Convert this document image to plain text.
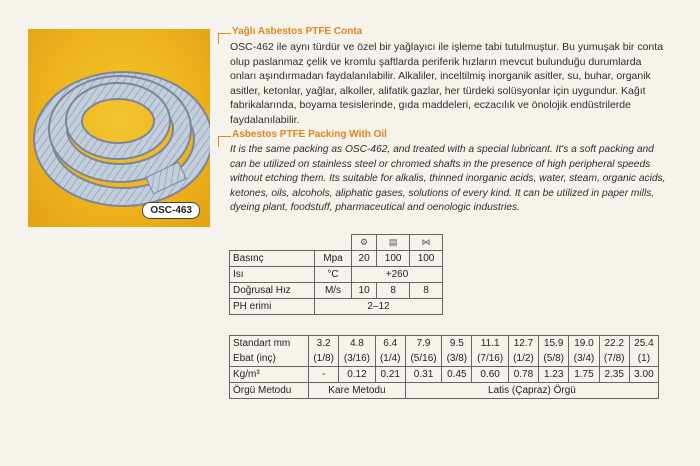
OSC-463
Yağlı Asbestos PTFE Conta
OSC-462 ile aynı türdür ve özel bir yağlayıcı ile işleme tabi tutulmuştur. Bu yumuşak bir conta olup paslanmaz çelik ve kromlu şaftlarda periferik hızların mevcut bulunduğu durumlarda onları aşındırmadan faydalanılabilir. Alkaliler, inceltilmiş inorganik asitler, su, buhar, organik asitler, ketonlar, yağlar, alkoller, alifatik gazlar, her türdeki solüsyonlar için uygundur. Kağıt fabrikalarında, boyama tesislerinde, gıda maddeleri, eczacılık ve önolojik endüstrilerde faydalanılabilir.
Asbestos PTFE Packing With Oil
It is the same packing as OSC-462, and treated with a special lubricant. It's a soft packing and can be utilized on stainless steel or chromed shafts in the presence of high peripheral speeds without etching them. Its suitable for alkalis, thinned inorganic acids, water, steam, organic acids, ketones, oils, alcohols, aliphatic gases, solutions of every kind. It can be utilized in paper mills, dyeing plant, foodstuff, pharmaceutical and oenologic industries.
		⚙	▤	⋈
Basınç	Mpa	20	100	100
Isı	°C	+260		
Doğrusal Hız	M/s	10	8	8
PH erimi	2–12			
Standart mm	3.2	4.8	6.4	7.9	9.5	11.1	12.7	15.9	19.0	22.2	25.4
Ebat (inç)	(1/8)	(3/16)	(1/4)	(5/16)	(3/8)	(7/16)	(1/2)	(5/8)	(3/4)	(7/8)	(1)
Kg/m³	-	0.12	0.21	0.31	0.45	0.60	0.78	1.23	1.75	2.35	3.00
Örgü Metodu	Kare Metodu			Latis (Çapraz) Örgü							
